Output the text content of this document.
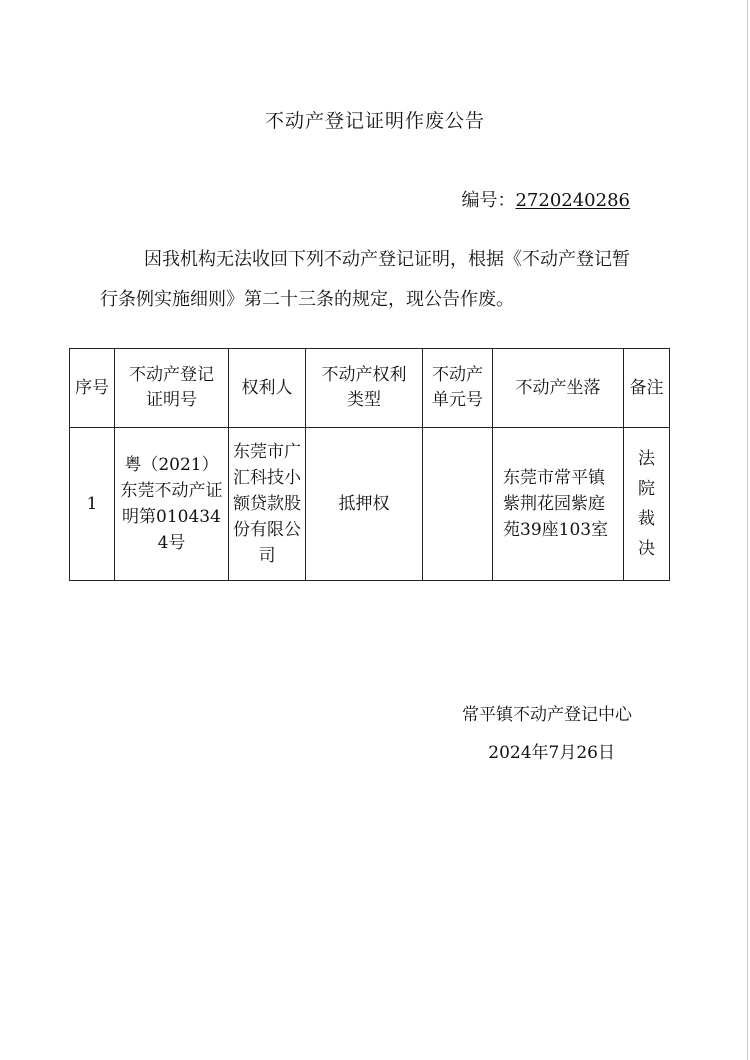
不动产登记证明作废公告
编号：2720240286
因我机构无法收回下列不动产登记证明，根据《不动产登记暂行条例实施细则》第二十三条的规定，现公告作废。
序号	不动产登记证明号	权利人	不动产权利类型	不动产单元号	不动产坐落	备注
1	粤（2021）东莞不动产证明第0104344号	东莞市广汇科技小额贷款股份有限公司	抵押权		东莞市常平镇紫荆花园紫庭苑39座103室	法院裁决
常平镇不动产登记中心
2024年7月26日
